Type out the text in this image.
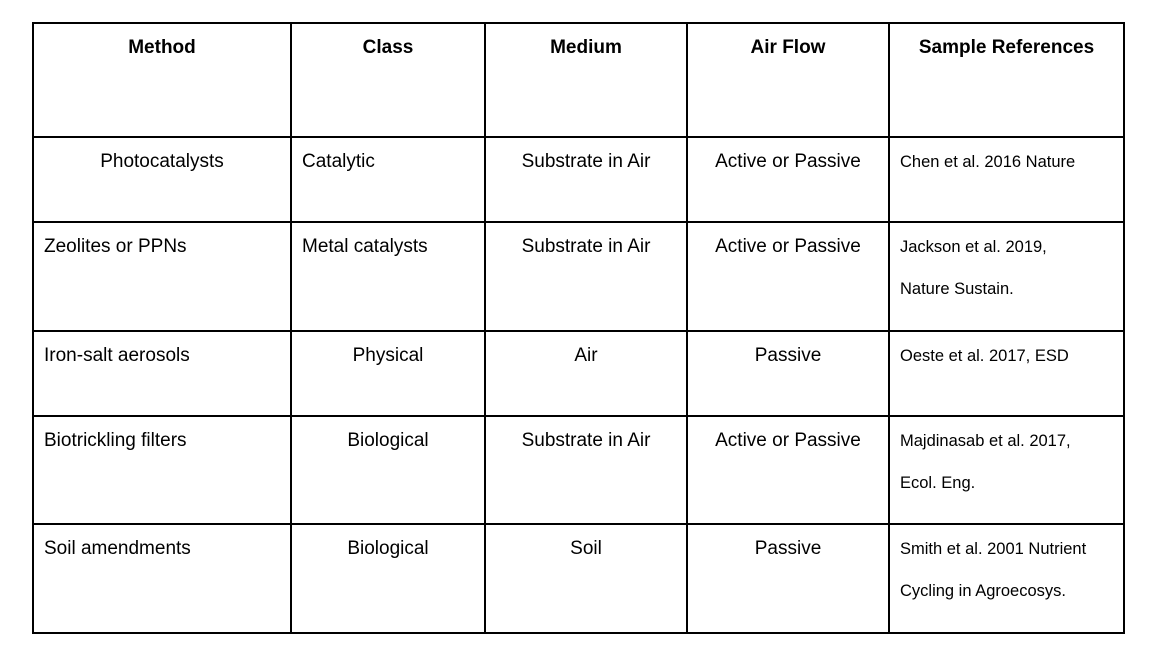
Method	Class	Medium	Air Flow	Sample References

Photocatalysts	Catalytic	Substrate in Air	Active or Passive	Chen et al. 2016 Nature

Zeolites or PPNs	Metal catalysts	Substrate in Air	Active or Passive	Jackson et al. 2019,
Nature Sustain.

Iron-salt aerosols	Physical	Air	Passive	Oeste et al. 2017, ESD

Biotrickling filters	Biological	Substrate in Air	Active or Passive	Majdinasab et al. 2017,
Ecol. Eng.

Soil amendments	Biological	Soil	Passive	Smith et al. 2001 Nutrient
Cycling in Agroecosys.
